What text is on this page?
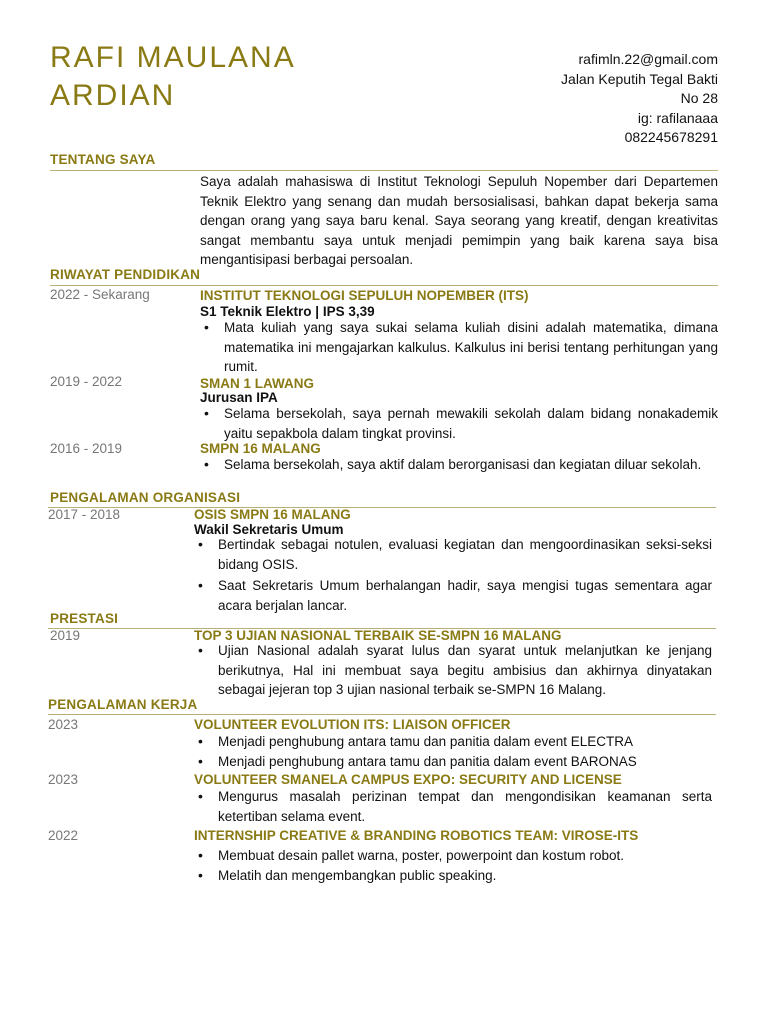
RAFI MAULANA
ARDIAN
rafimln.22@gmail.com
Jalan Keputih Tegal Bakti
No 28
ig: rafilanaaa
082245678291
TENTANG SAYA
Saya adalah mahasiswa di Institut Teknologi Sepuluh Nopember dari Departemen Teknik Elektro yang senang dan mudah bersosialisasi, bahkan dapat bekerja sama dengan orang yang saya baru kenal. Saya seorang yang kreatif, dengan kreativitas sangat membantu saya untuk menjadi pemimpin yang baik karena saya bisa mengantisipasi berbagai persoalan.
RIWAYAT PENDIDIKAN
2022 - Sekarang	INSTITUT TEKNOLOGI SEPULUH NOPEMBER (ITS)
S1 Teknik Elektro | IPS 3,39
• Mata kuliah yang saya sukai selama kuliah disini adalah matematika, dimana matematika ini mengajarkan kalkulus. Kalkulus ini berisi tentang perhitungan yang rumit.
2019 - 2022	SMAN 1 LAWANG
Jurusan IPA
• Selama bersekolah, saya pernah mewakili sekolah dalam bidang nonakademik yaitu sepakbola dalam tingkat provinsi.
2016 - 2019	SMPN 16 MALANG
• Selama bersekolah, saya aktif dalam berorganisasi dan kegiatan diluar sekolah.
PENGALAMAN ORGANISASI
2017 - 2018	OSIS SMPN 16 MALANG
Wakil Sekretaris Umum
• Bertindak sebagai notulen, evaluasi kegiatan dan mengoordinasikan seksi-seksi bidang OSIS.
• Saat Sekretaris Umum berhalangan hadir, saya mengisi tugas sementara agar acara berjalan lancar.
PRESTASI
2019	TOP 3 UJIAN NASIONAL TERBAIK SE-SMPN 16 MALANG
• Ujian Nasional adalah syarat lulus dan syarat untuk melanjutkan ke jenjang berikutnya, Hal ini membuat saya begitu ambisius dan akhirnya dinyatakan sebagai jejeran top 3 ujian nasional terbaik se-SMPN 16 Malang.
PENGALAMAN KERJA
2023	VOLUNTEER EVOLUTION ITS: LIAISON OFFICER
• Menjadi penghubung antara tamu dan panitia dalam event ELECTRA
• Menjadi penghubung antara tamu dan panitia dalam event BARONAS
2023	VOLUNTEER SMANELA CAMPUS EXPO: SECURITY AND LICENSE
• Mengurus masalah perizinan tempat dan mengondisikan keamanan serta ketertiban selama event.
2022	INTERNSHIP CREATIVE & BRANDING ROBOTICS TEAM: VIROSE-ITS
• Membuat desain pallet warna, poster, powerpoint dan kostum robot.
• Melatih dan mengembangkan public speaking.
